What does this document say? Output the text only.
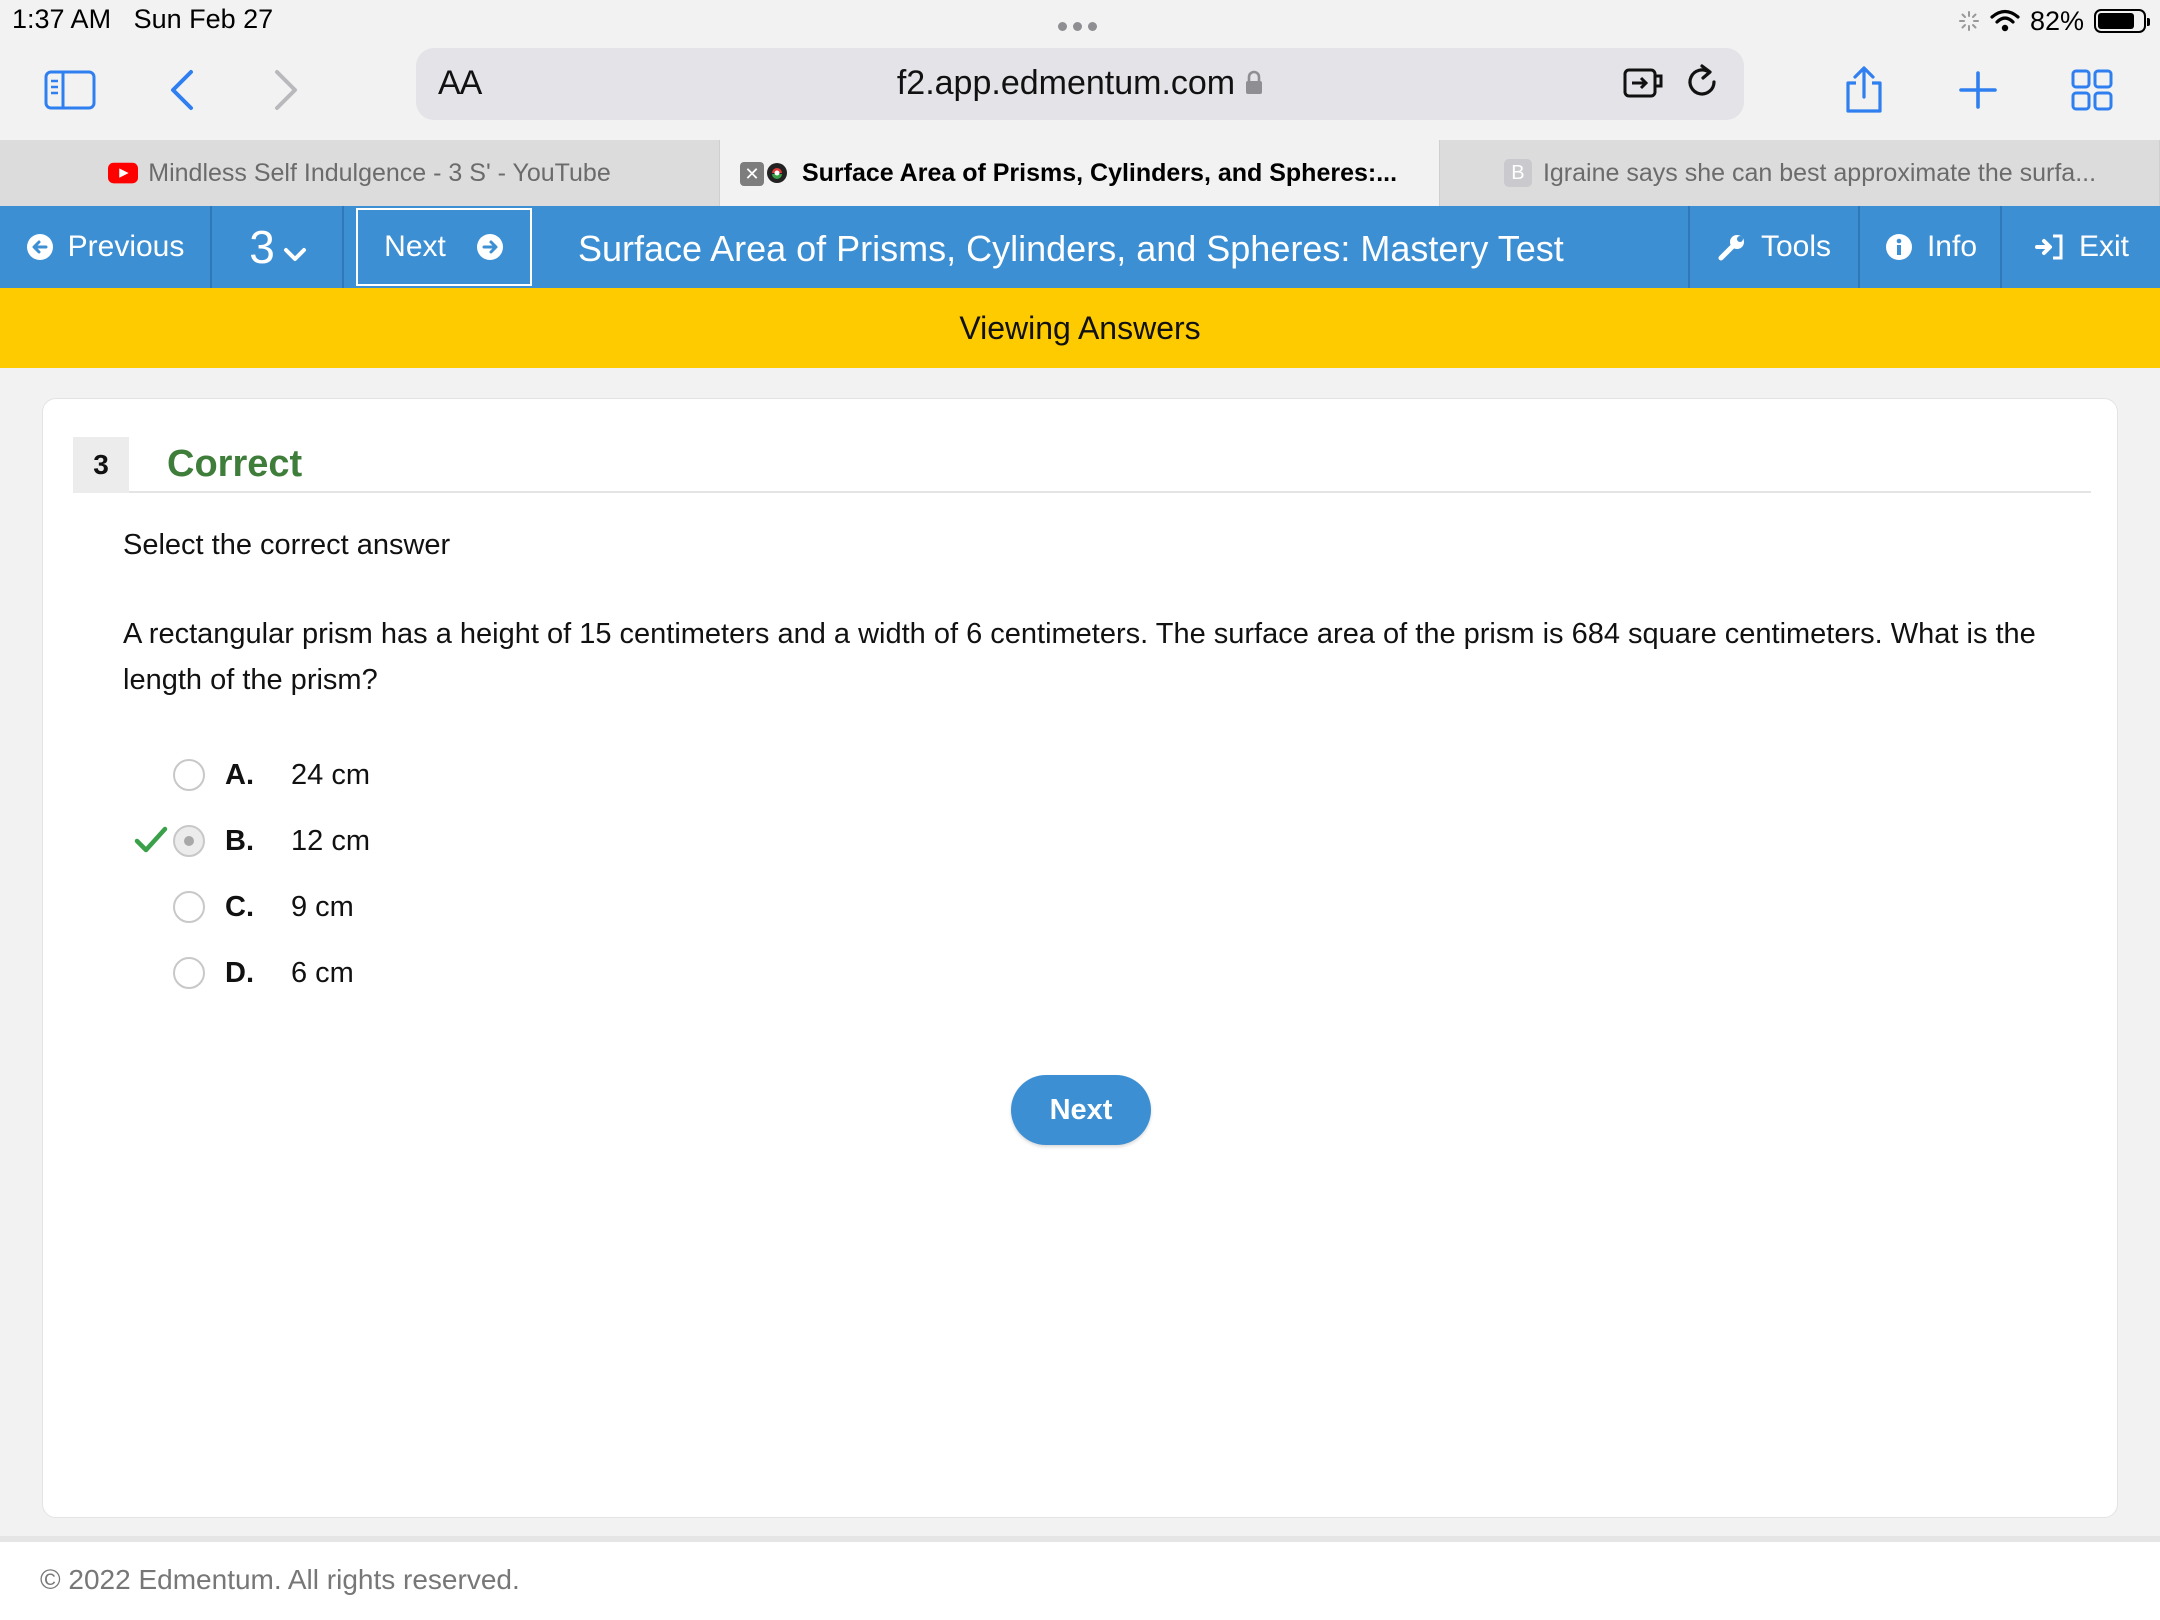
1:37 AM Sun Feb 27	82%
AA	f2.app.edmentum.com
Mindless Self Indulgence - 3 S' - YouTube	✕ Surface Area of Prisms, Cylinders, and Spheres:...	B Igraine says she can best approximate the surfa...
Previous 3	Next	Surface Area of Prisms, Cylinders, and Spheres: Mastery Test	Tools	Info	Exit
Viewing Answers
3	Correct
Select the correct answer
A rectangular prism has a height of 15 centimeters and a width of 6 centimeters. The surface area of the prism is 684 square centimeters. What is the length of the prism?
A. 24 cm
B. 12 cm
C. 9 cm
D. 6 cm
Next
© 2022 Edmentum. All rights reserved.
